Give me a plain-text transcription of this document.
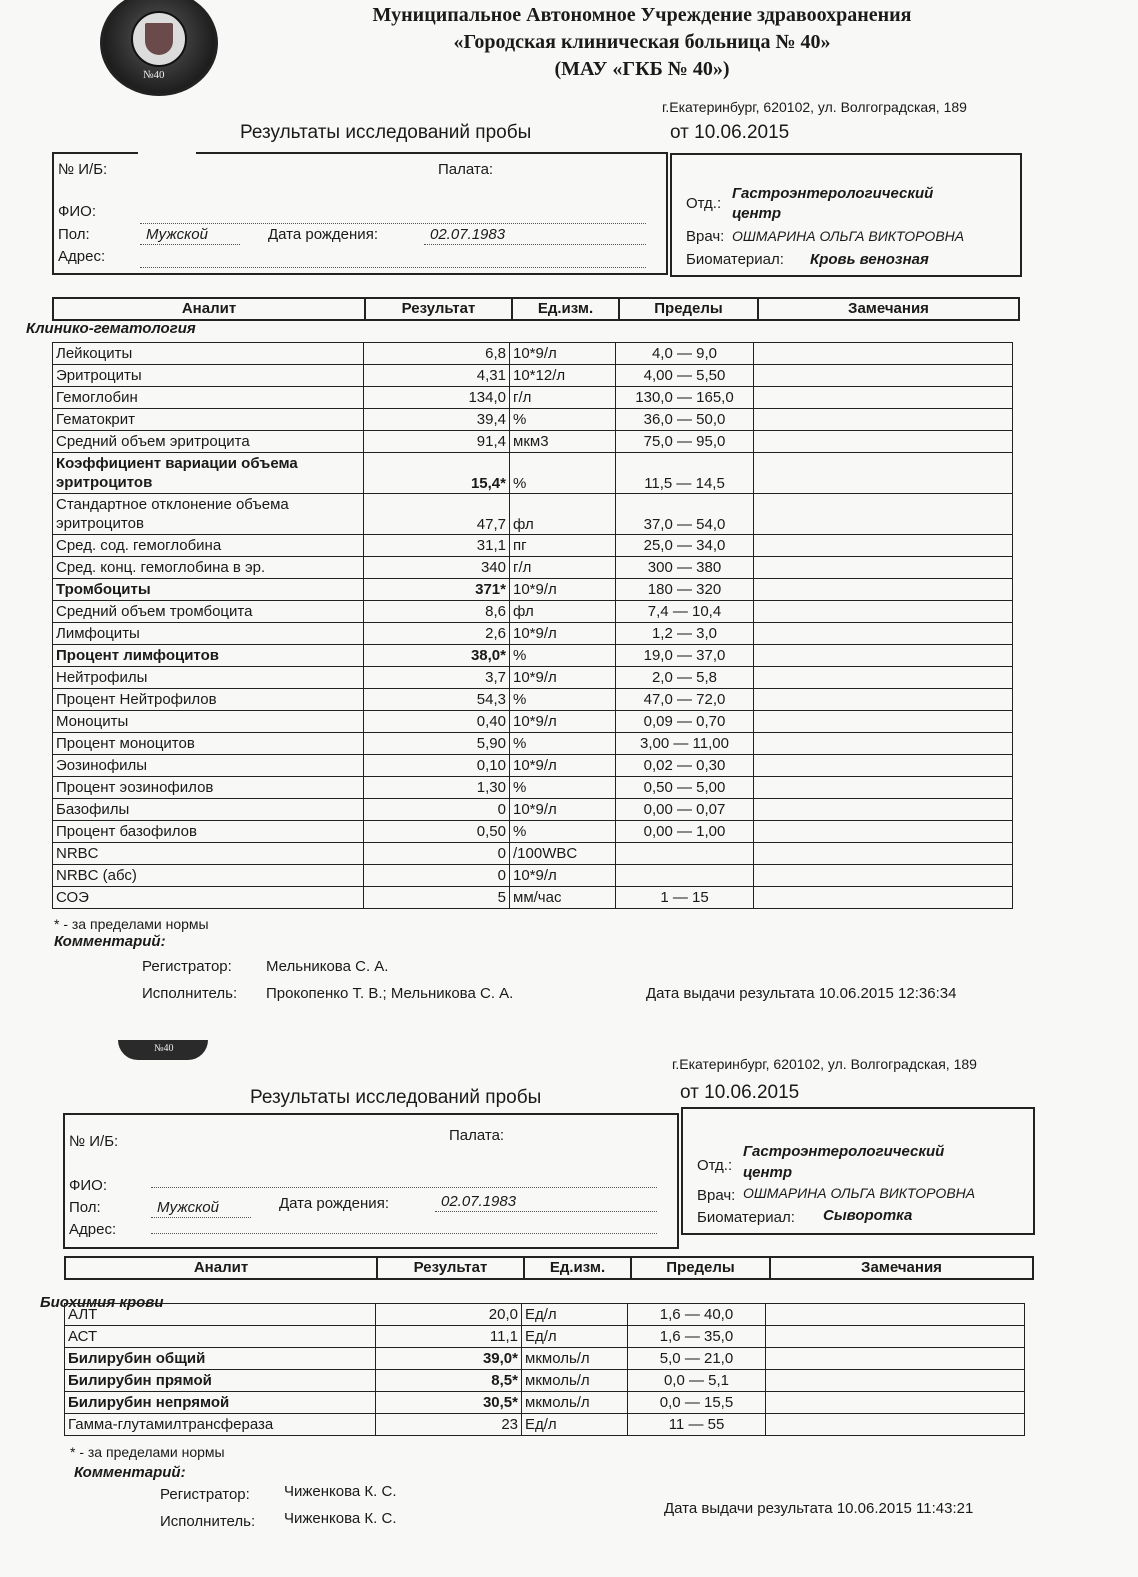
№40
Муниципальное Автономное Учреждение здравоохранения
«Городская клиническая больница № 40»
(МАУ «ГКБ № 40»)
г.Екатеринбург, 620102, ул. Волгоградская, 189
Результаты исследований пробы	от 10.06.2015
№ И/Б:	Палата:
ФИО:
Пол:	Мужской	Дата рождения:	02.07.1983
Адрес:
Отд.:
Гастроэнтерологический
центр
Врач: ОШМАРИНА ОЛЬГА ВИКТОРОВНА
Биоматериал: Кровь венозная
Аналит	Результат	Ед.изм.	Пределы	Замечания
Клинико-гематология
Лейкоциты	6,8	10*9/л	4,0 — 9,0	
Эритроциты	4,31	10*12/л	4,00 — 5,50	
Гемоглобин	134,0	г/л	130,0 — 165,0	
Гематокрит	39,4	%	36,0 — 50,0	
Средний объем эритроцита	91,4	мкм3	75,0 — 95,0	

Коэффициент вариации объема
эритроцитов	15,4*	%	11,5 — 14,5	

Стандартное отклонение объема
эритроцитов	47,7	фл	37,0 — 54,0	
Сред. сод. гемоглобина	31,1	пг	25,0 — 34,0	
Сред. конц. гемоглобина в эр.	340	г/л	300 — 380	
Тромбоциты	371*	10*9/л	180 — 320	
Средний объем тромбоцита	8,6	фл	7,4 — 10,4	
Лимфоциты	2,6	10*9/л	1,2 — 3,0	
Процент лимфоцитов	38,0*	%	19,0 — 37,0	
Нейтрофилы	3,7	10*9/л	2,0 — 5,8	
Процент Нейтрофилов	54,3	%	47,0 — 72,0	
Моноциты	0,40	10*9/л	0,09 — 0,70	
Процент моноцитов	5,90	%	3,00 — 11,00	
Эозинофилы	0,10	10*9/л	0,02 — 0,30	
Процент эозинофилов	1,30	%	0,50 — 5,00	
Базофилы	0	10*9/л	0,00 — 0,07	
Процент базофилов	0,50	%	0,00 — 1,00	
NRBC	0	/100WBC		
NRBC (абс)	0	10*9/л		
СОЭ	5	мм/час	1 — 15	
* - за пределами нормы
Комментарий:
Регистратор: Мельникова С. А.
Исполнитель: Прокопенко Т. В.; Мельникова С. А.	Дата выдачи результата 10.06.2015 12:36:34
№40
г.Екатеринбург, 620102, ул. Волгоградская, 189
Результаты исследований пробы	от 10.06.2015
№ И/Б:	Палата:
ФИО:
Пол:	Мужской	Дата рождения:	02.07.1983
Адрес:
Отд.:
Гастроэнтерологический
центр
Врач: ОШМАРИНА ОЛЬГА ВИКТОРОВНА
Биоматериал: Сыворотка
Аналит	Результат	Ед.изм.	Пределы	Замечания
Биохимия крови
АЛТ	20,0	Ед/л	1,6 — 40,0	
АСТ	11,1	Ед/л	1,6 — 35,0	
Билирубин общий	39,0*	мкмоль/л	5,0 — 21,0	
Билирубин прямой	8,5*	мкмоль/л	0,0 — 5,1	
Билирубин непрямой	30,5*	мкмоль/л	0,0 — 15,5	
Гамма-глутамилтрансфераза	23	Ед/л	11 — 55	
* - за пределами нормы
Комментарий:
Регистратор: Чиженкова К. С.
Исполнитель: Чиженкова К. С.
Дата выдачи результата 10.06.2015 11:43:21
